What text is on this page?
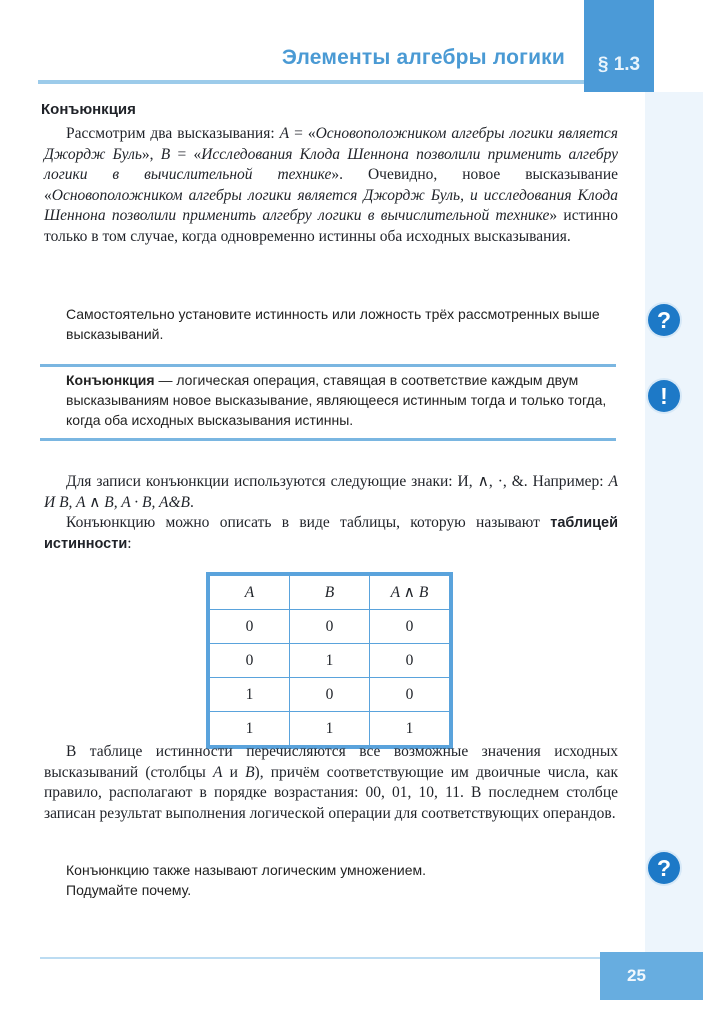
Элементы алгебры логики	§ 1.3
?
!
?
Конъюнкция

Рассмотрим два высказывания: A = «Основоположником алгебры логики является Джордж Буль», B = «Исследования Клода Шеннона позволили применить алгебру логики в вычислительной технике». Очевидно, новое высказывание «Основоположником алгебры логики является Джордж Буль, и исследования Клода Шеннона позволили применить алгебру логики в вычислительной технике» истинно только в том случае, когда одновременно истинны оба исходных высказывания.

Самостоятельно установите истинность или ложность трёх рассмотренных выше высказываний.
Конъюнкция — логическая операция, ставящая в соответствие каждым двум высказываниям новое высказывание, являющееся истинным тогда и только тогда, когда оба исходных высказывания истинны.

Для записи конъюнкции используются следующие знаки: И, ∧, ·, &. Например: A И B, A ∧ B, A · B, A&B.

Конъюнкцию можно описать в виде таблицы, которую называют таблицей истинности:

A	B	A ∧ B
0	0	0
0	1	0
1	0	0
1	1	1

В таблице истинности перечисляются все возможные значения исходных высказываний (столбцы A и B), причём соответствующие им двоичные числа, как правило, располагают в порядке возрастания: 00, 01, 10, 11. В последнем столбце записан результат выполнения логической операции для соответствующих операндов.

Конъюнкцию также называют логическим умножением.
Подумайте почему.
25
